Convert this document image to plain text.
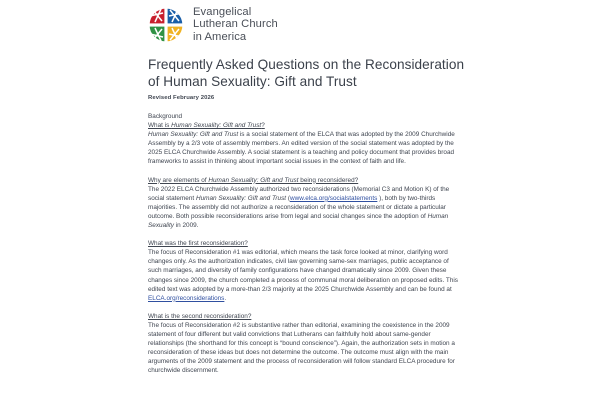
Evangelical
Lutheran Church
in America
Frequently Asked Questions on the Reconsideration of Human Sexuality: Gift and Trust
Revised February 2026

Background

What is Human Sexuality: Gift and Trust?

Human Sexuality: Gift and Trust is a social statement of the ELCA that was adopted by the 2009 Churchwide Assembly by a 2/3 vote of assembly members. An edited version of the social statement was adopted by the 2025 ELCA Churchwide Assembly. A social statement is a teaching and policy document that provides broad frameworks to assist in thinking about important social issues in the context of faith and life.

Why are elements of Human Sexuality: Gift and Trust being reconsidered?

The 2022 ELCA Churchwide Assembly authorized two reconsiderations (Memorial C3 and Motion K) of the social statement Human Sexuality: Gift and Trust (www.elca.org/socialstatements ), both by two-thirds majorities. The assembly did not authorize a reconsideration of the whole statement or dictate a particular outcome. Both possible reconsiderations arise from legal and social changes since the adoption of Human Sexuality in 2009.

What was the first reconsideration?

The focus of Reconsideration #1 was editorial, which means the task force looked at minor, clarifying word changes only. As the authorization indicates, civil law governing same-sex marriages, public acceptance of such marriages, and diversity of family configurations have changed dramatically since 2009. Given these changes since 2009, the church completed a process of communal moral deliberation on proposed edits. This edited text was adopted by a more-than 2/3 majority at the 2025 Churchwide Assembly and can be found at ELCA.org/reconsiderations.

What is the second reconsideration?

The focus of Reconsideration #2 is substantive rather than editorial, examining the coexistence in the 2009 statement of four different but valid convictions that Lutherans can faithfully hold about same-gender relationships (the shorthand for this concept is “bound conscience”). Again, the authorization sets in motion a reconsideration of these ideas but does not determine the outcome. The outcome must align with the main arguments of the 2009 statement and the process of reconsideration will follow standard ELCA procedure for churchwide discernment.
